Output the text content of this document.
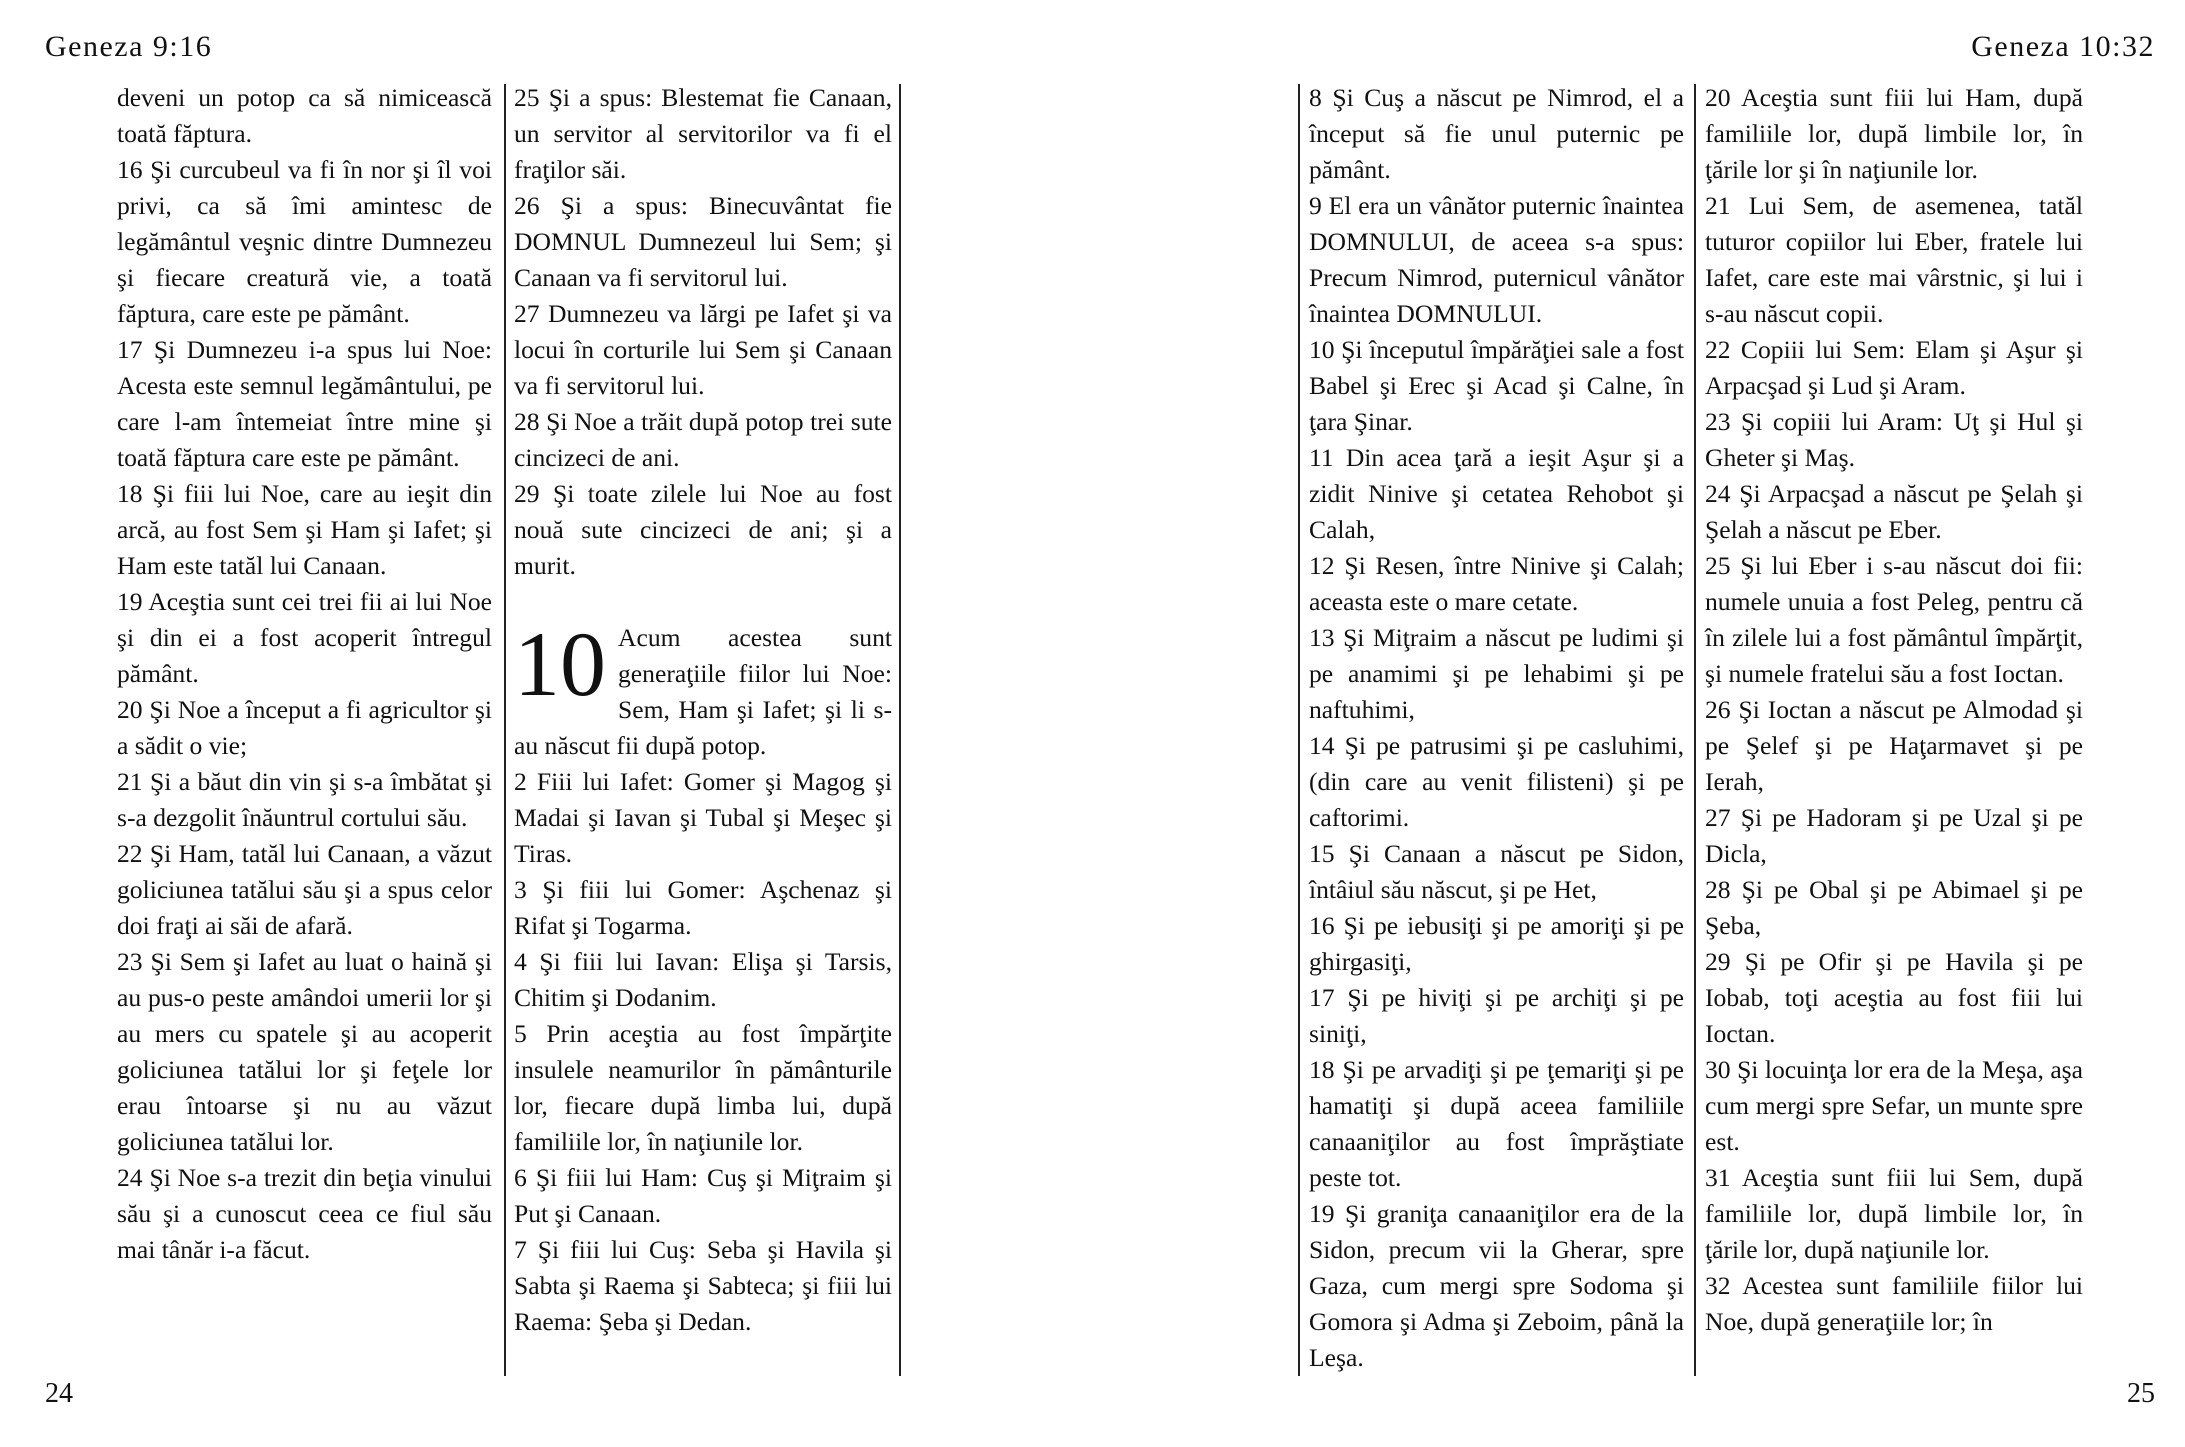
Geneza 9:16	Geneza 10:32

deveni un potop ca să nimicească toată făptura.

16 Şi curcubeul va fi în nor şi îl voi privi, ca să îmi amintesc de legământul veşnic dintre Dumnezeu şi fiecare creatură vie, a toată făptura, care este pe pământ.

17 Şi Dumnezeu i-a spus lui Noe: Acesta este semnul legământului, pe care l-am întemeiat între mine şi toată făptura care este pe pământ.

18 Şi fiii lui Noe, care au ieşit din arcă, au fost Sem şi Ham şi Iafet; şi Ham este tatăl lui Canaan.

19 Aceştia sunt cei trei fii ai lui Noe şi din ei a fost acoperit întregul pământ.

20 Şi Noe a început a fi agricultor şi a sădit o vie;

21 Şi a băut din vin şi s-a îmbătat şi s-a dezgolit înăuntrul cortului său.

22 Şi Ham, tatăl lui Canaan, a văzut goliciunea tatălui său şi a spus celor doi fraţi ai săi de afară.

23 Şi Sem şi Iafet au luat o haină şi au pus-o peste amândoi umerii lor şi au mers cu spatele şi au acoperit goliciunea tatălui lor şi feţele lor erau întoarse şi nu au văzut goliciunea tatălui lor.

24 Şi Noe s-a trezit din beţia vinului său şi a cunoscut ceea ce fiul său mai tânăr i-a făcut.

25 Şi a spus: Blestemat fie Canaan, un servitor al servitorilor va fi el fraţilor săi.

26 Şi a spus: Binecuvântat fie DOMNUL Dumnezeul lui Sem; şi Canaan va fi servitorul lui.

27 Dumnezeu va lărgi pe Iafet şi va locui în corturile lui Sem şi Canaan va fi servitorul lui.

28 Şi Noe a trăit după potop trei sute cincizeci de ani.

29 Şi toate zilele lui Noe au fost nouă sute cincizeci de ani; şi a murit.

10 Acum acestea sunt generaţiile fiilor lui Noe: Sem, Ham şi Iafet; şi li s-au născut fii după potop.

2 Fiii lui Iafet: Gomer şi Magog şi Madai şi Iavan şi Tubal şi Meşec şi Tiras.

3 Şi fiii lui Gomer: Aşchenaz şi Rifat şi Togarma.

4 Şi fiii lui Iavan: Elişa şi Tarsis, Chitim şi Dodanim.

5 Prin aceştia au fost împărţite insulele neamurilor în pământurile lor, fiecare după limba lui, după familiile lor, în naţiunile lor.

6 Şi fiii lui Ham: Cuş şi Miţraim şi Put şi Canaan.

7 Şi fiii lui Cuş: Seba şi Havila şi Sabta şi Raema şi Sabteca; şi fiii lui Raema: Şeba şi Dedan.

8 Şi Cuş a născut pe Nimrod, el a început să fie unul puternic pe pământ.

9 El era un vânător puternic înaintea DOMNULUI, de aceea s-a spus: Precum Nimrod, puternicul vânător înaintea DOMNULUI.

10 Şi începutul împărăţiei sale a fost Babel şi Erec şi Acad şi Calne, în ţara Şinar.

11 Din acea ţară a ieşit Aşur şi a zidit Ninive şi cetatea Rehobot şi Calah,

12 Şi Resen, între Ninive şi Calah; aceasta este o mare cetate.

13 Şi Miţraim a născut pe ludimi şi pe anamimi şi pe lehabimi şi pe naftuhimi,

14 Şi pe patrusimi şi pe casluhimi, (din care au venit filisteni) şi pe caftorimi.

15 Şi Canaan a născut pe Sidon, întâiul său născut, şi pe Het,

16 Şi pe iebusiţi şi pe amoriţi şi pe ghirgasiţi,

17 Şi pe hiviţi şi pe archiţi şi pe siniţi,

18 Şi pe arvadiţi şi pe ţemariţi şi pe hamatiţi şi după aceea familiile canaaniţilor au fost împrăştiate peste tot.

19 Şi graniţa canaaniţilor era de la Sidon, precum vii la Gherar, spre Gaza, cum mergi spre Sodoma şi Gomora şi Adma şi Zeboim, până la Leşa.

20 Aceştia sunt fiii lui Ham, după familiile lor, după limbile lor, în ţările lor şi în naţiunile lor.

21 Lui Sem, de asemenea, tatăl tuturor copiilor lui Eber, fratele lui Iafet, care este mai vârstnic, şi lui i s-au născut copii.

22 Copiii lui Sem: Elam şi Aşur şi Arpacşad şi Lud şi Aram.

23 Şi copiii lui Aram: Uţ şi Hul şi Gheter şi Maş.

24 Şi Arpacşad a născut pe Şelah şi Şelah a născut pe Eber.

25 Şi lui Eber i s-au născut doi fii: numele unuia a fost Peleg, pentru că în zilele lui a fost pământul împărţit, şi numele fratelui său a fost Ioctan.

26 Şi Ioctan a născut pe Almodad şi pe Şelef şi pe Haţarmavet şi pe Ierah,

27 Şi pe Hadoram şi pe Uzal şi pe Dicla,

28 Şi pe Obal şi pe Abimael şi pe Şeba,

29 Şi pe Ofir şi pe Havila şi pe Iobab, toţi aceştia au fost fiii lui Ioctan.

30 Şi locuinţa lor era de la Meşa, aşa cum mergi spre Sefar, un munte spre est.

31 Aceştia sunt fiii lui Sem, după familiile lor, după limbile lor, în ţările lor, după naţiunile lor.

32 Acestea sunt familiile fiilor lui Noe, după generaţiile lor; în

24	25
